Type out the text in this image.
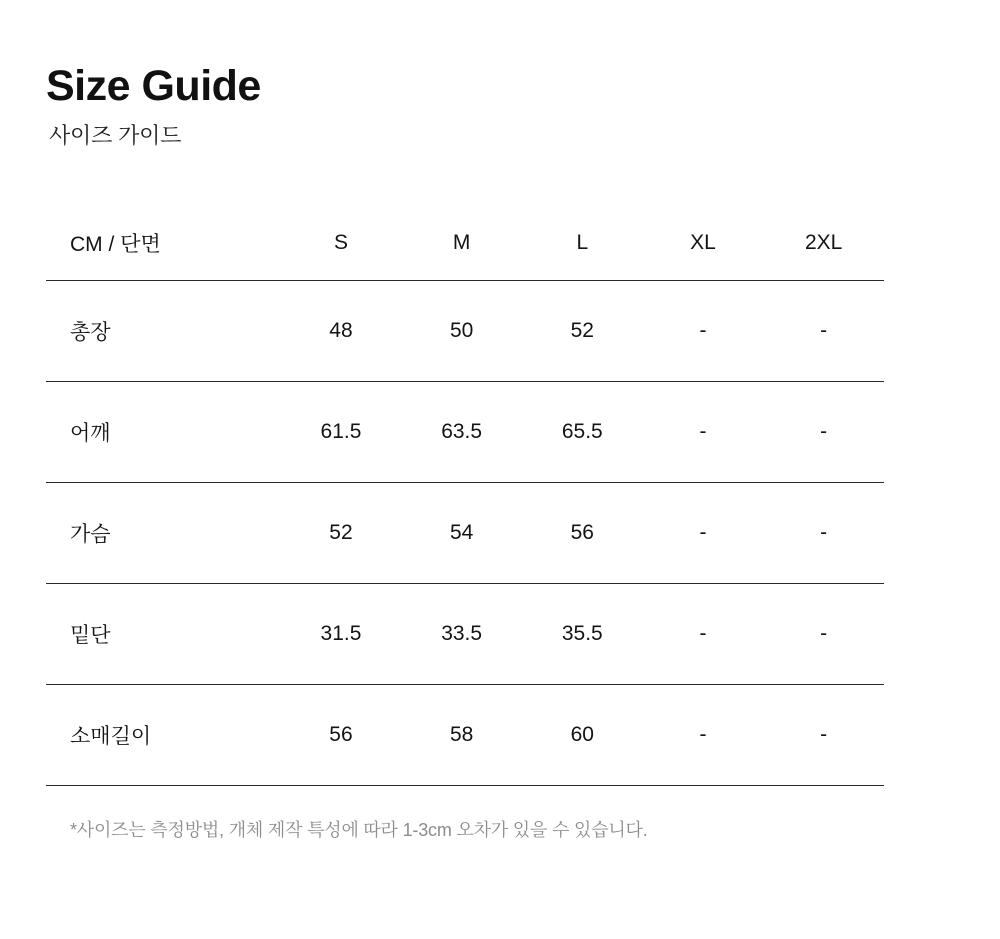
Size Guide
사이즈 가이드
CM / 단면	S	M	L	XL	2XL
총장	48	50	52	-	-
어깨	61.5	63.5	65.5	-	-
가슴	52	54	56	-	-
밑단	31.5	33.5	35.5	-	-
소매길이	56	58	60	-	-
*사이즈는 측정방법, 개체 제작 특성에 따라 1-3cm 오차가 있을 수 있습니다.
